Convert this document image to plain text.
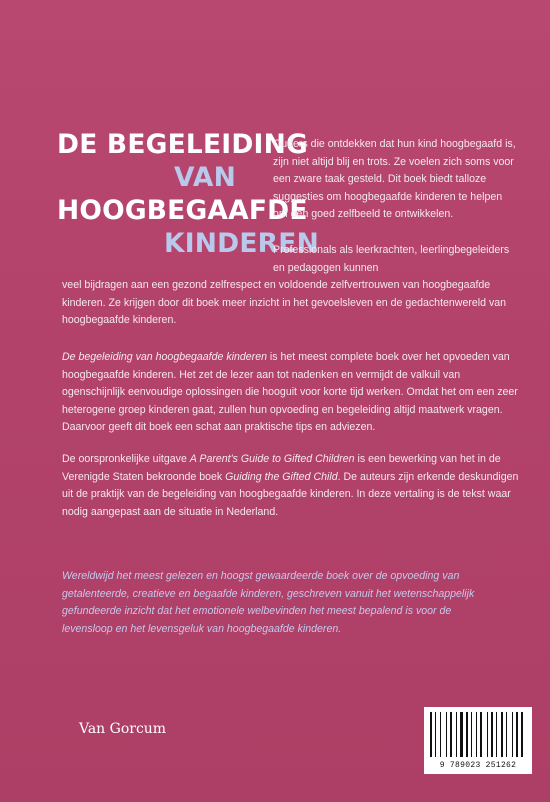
DE BEGELEIDING
VAN
HOOGBEGAAFDE
KINDEREN

Ouders die ontdekken dat hun kind hoogbegaafd is, zijn niet altijd blij en trots. Ze voelen zich soms voor een zware taak gesteld. Dit boek biedt talloze suggesties om hoogbegaafde kinderen te helpen om een goed zelfbeeld te ontwikkelen.

Professionals als leerkrachten, leerlingbegeleiders en pedagogen kunnen

veel bijdragen aan een gezond zelfrespect en voldoende zelfvertrouwen van hoogbegaafde kinderen. Ze krijgen door dit boek meer inzicht in het gevoelsleven en de gedachtenwereld van hoogbegaafde kinderen.

De begeleiding van hoogbegaafde kinderen is het meest complete boek over het opvoeden van hoogbegaafde kinderen. Het zet de lezer aan tot nadenken en vermijdt de valkuil van ogenschijnlijk eenvoudige oplossingen die hooguit voor korte tijd werken. Omdat het om een zeer heterogene groep kinderen gaat, zullen hun opvoeding en begeleiding altijd maatwerk vragen. Daarvoor geeft dit boek een schat aan praktische tips en adviezen.

De oorspronkelijke uitgave A Parent's Guide to Gifted Children is een bewerking van het in de Verenigde Staten bekroonde boek Guiding the Gifted Child. De auteurs zijn erkende deskundigen uit de praktijk van de begeleiding van hoogbegaafde kinderen. In deze vertaling is de tekst waar nodig aangepast aan de situatie in Nederland.

Wereldwijd het meest gelezen en hoogst gewaardeerde boek over de opvoeding van getalenteerde, creatieve en begaafde kinderen, geschreven vanuit het wetenschappelijk gefundeerde inzicht dat het emotionele welbevinden het meest bepalend is voor de levensloop en het levensgeluk van hoogbegaafde kinderen.
Van Gorcum
9 789023 251262
